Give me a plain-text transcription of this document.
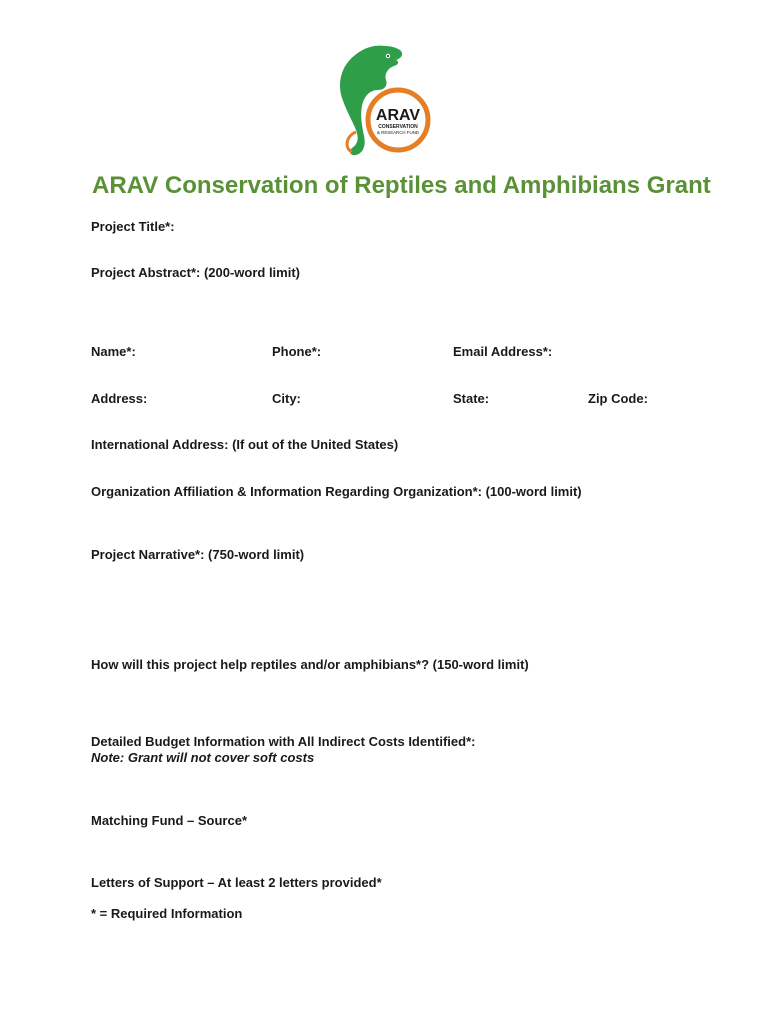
ARAV
CONSERVATION
& RESEARCH FUND
ARAV Conservation of Reptiles and Amphibians Grant

Project Title*:

Project Abstract*: (200-word limit)

Name*:	Phone*:	Email Address*:

Address:	City:	State:	Zip Code:

International Address: (If out of the United States)

Organization Affiliation & Information Regarding Organization*: (100-word limit)

Project Narrative*: (750-word limit)

How will this project help reptiles and/or amphibians*? (150-word limit)

Detailed Budget Information with All Indirect Costs Identified*:

Note: Grant will not cover soft costs

Matching Fund – Source*

Letters of Support – At least 2 letters provided*

* = Required Information
